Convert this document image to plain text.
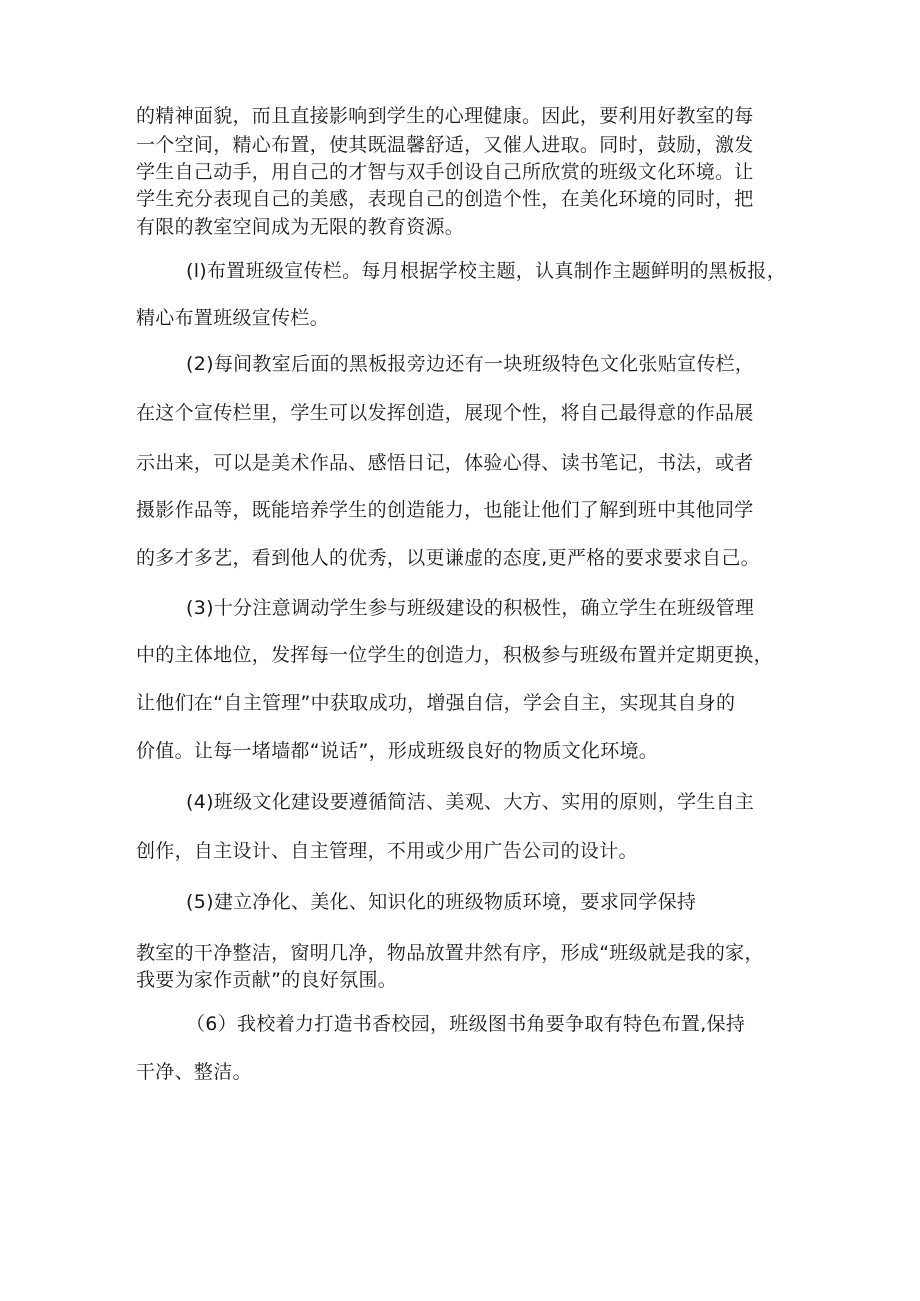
的精神面貌，而且直接影响到学生的心理健康。因此，要利用好教室的每
一个空间，精心布置，使其既温馨舒适，又催人进取。同时，鼓励，激发
学生自己动手，用自己的才智与双手创设自己所欣赏的班级文化环境。让
学生充分表现自己的美感，表现自己的创造个性，在美化环境的同时，把
有限的教室空间成为无限的教育资源。
(l)布置班级宣传栏。每月根据学校主题，认真制作主题鲜明的黑板报，
精心布置班级宣传栏。
(2)每间教室后面的黑板报旁边还有一块班级特色文化张贴宣传栏，
在这个宣传栏里，学生可以发挥创造，展现个性，将自己最得意的作品展
示出来，可以是美术作品、感悟日记，体验心得、读书笔记，书法，或者
摄影作品等，既能培养学生的创造能力，也能让他们了解到班中其他同学
的多才多艺，看到他人的优秀，以更谦虚的态度,更严格的要求要求自己。
(3)十分注意调动学生参与班级建设的积极性，确立学生在班级管理
中的主体地位，发挥每一位学生的创造力，积极参与班级布置并定期更换，
让他们在“自主管理”中获取成功，增强自信，学会自主，实现其自身的
价值。让每一堵墙都“说话”，形成班级良好的物质文化环境。
(4)班级文化建设要遵循简洁、美观、大方、实用的原则，学生自主
创作，自主设计、自主管理，不用或少用广告公司的设计。
(5)建立净化、美化、知识化的班级物质环境，要求同学保持
教室的干净整洁，窗明几净，物品放置井然有序，形成“班级就是我的家，
我要为家作贡献”的良好氛围。
（6）我校着力打造书香校园，班级图书角要争取有特色布置,保持
干净、整洁。
